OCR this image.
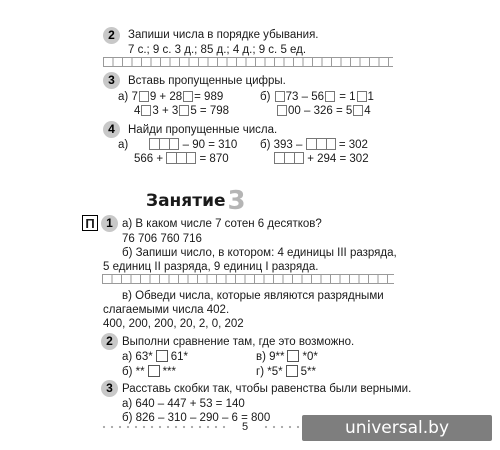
2	Запиши числа в порядке убывания.
7 с.; 9 с. 3 д.; 85 д.; 4 д.; 9 с. 5 ед.
3	Вставь пропущенные цифры.
а) 7 9 + 28 = 989
4 3 + 3 5 = 798
б) 73 – 56 = 1 1
00 – 326 = 5 4
4	Найди пропущенные числа.
а)	– 90 = 310
566 +	= 870
б) 393 –	= 302
+ 294 = 302
Занятие3
П 1 а) В каком числе 7 сотен 6 десятков?
76 706 760 716
б) Запиши число, в котором: 4 единицы III разряда,
5 единиц II разряда, 9 единиц I разряда.
в) Обведи числа, которые являются разрядными
слагаемыми числа 402.
400, 200, 200, 20, 2, 0, 202
2 Выполни сравнение там, где это возможно.
а) 63* 61*
б) ** ***
в) 9** *0*
г) *5* 5**
3 Расставь скобки так, чтобы равенства были верными.
а) 640 – 447 + 53 = 140
б) 826 – 310 – 290 – 6 = 800
5	universal.by
